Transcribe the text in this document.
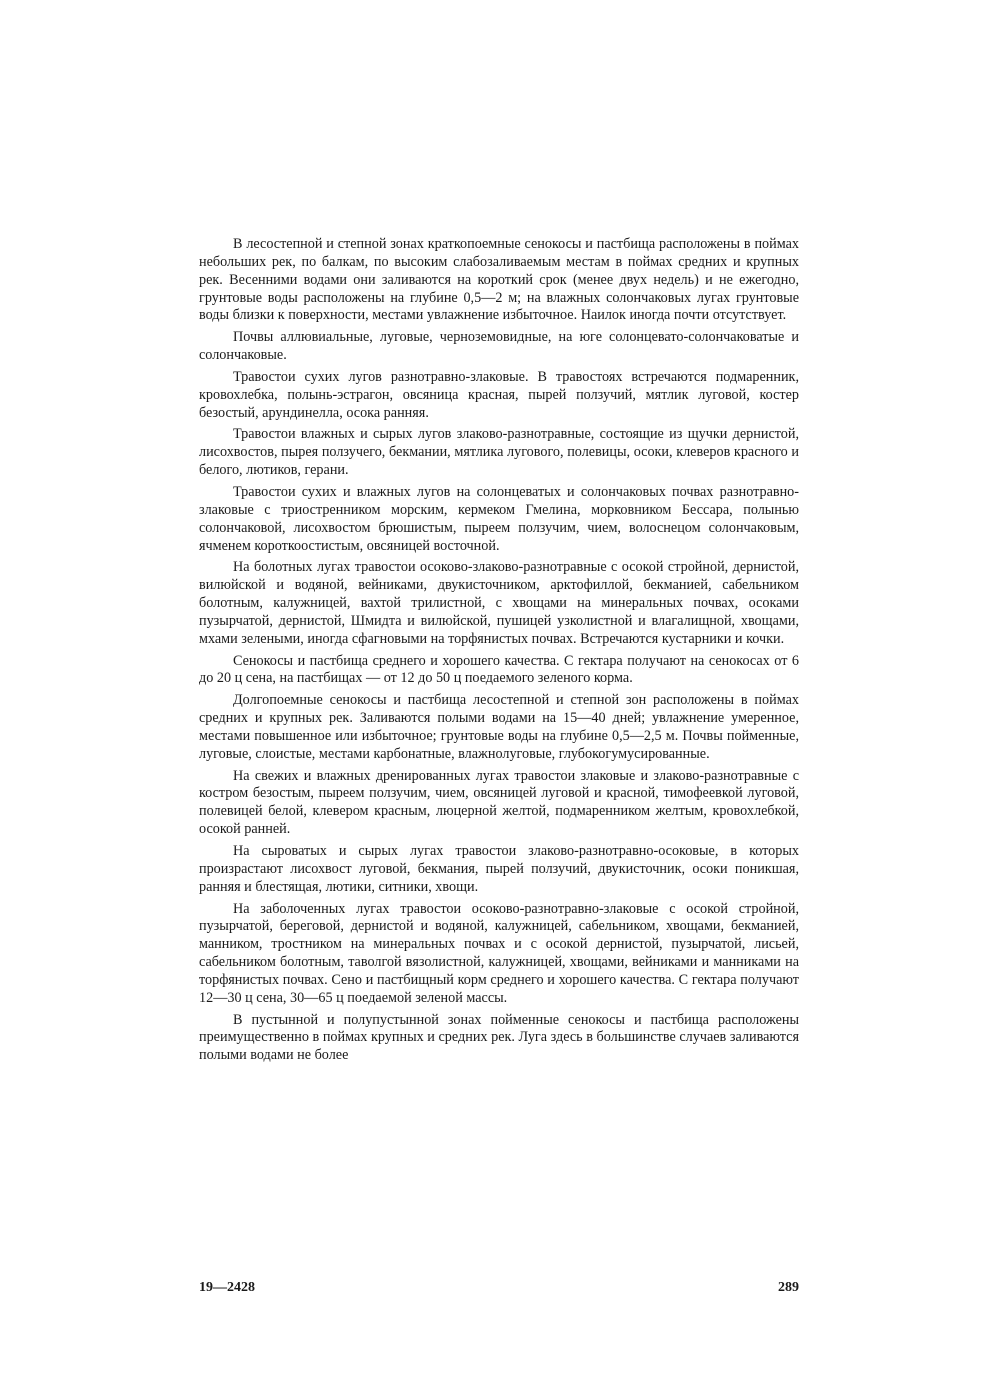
В лесостепной и степной зонах краткопоемные сенокосы и пастбища расположены в поймах небольших рек, по балкам, по высоким слабозаливаемым местам в поймах средних и крупных рек. Весенними водами они заливаются на короткий срок (менее двух недель) и не ежегодно, грунтовые воды расположены на глубине 0,5—2 м; на влажных солончаковых лугах грунтовые воды близки к поверхности, местами увлажнение избыточное. Наилок иногда почти отсутствует.

Почвы аллювиальные, луговые, черноземовидные, на юге солонцевато-солончаковатые и солончаковые.

Травостои сухих лугов разнотравно-злаковые. В травостоях встречаются подмаренник, кровохлебка, полынь-эстрагон, овсяница красная, пырей ползучий, мятлик луговой, костер безостый, арундинелла, осока ранняя.

Травостои влажных и сырых лугов злаково-разнотравные, состоящие из щучки дернистой, лисохвостов, пырея ползучего, бекмании, мятлика лугового, полевицы, осоки, клеверов красного и белого, лютиков, герани.

Травостои сухих и влажных лугов на солонцеватых и солончаковых почвах разнотравно-злаковые с триостренником морским, кермеком Гмелина, морковником Бессара, полынью солончаковой, лисохвостом брюшистым, пыреем ползучим, чием, волоснецом солончаковым, ячменем короткоостистым, овсяницей восточной.

На болотных лугах травостои осоково-злаково-разнотравные с осокой стройной, дернистой, вилюйской и водяной, вейниками, двукисточником, арктофиллой, бекманией, сабельником болотным, калужницей, вахтой трилистной, с хвощами на минеральных почвах, осоками пузырчатой, дернистой, Шмидта и вилюйской, пушицей узколистной и влагалищной, хвощами, мхами зелеными, иногда сфагновыми на торфянистых почвах. Встречаются кустарники и кочки.

Сенокосы и пастбища среднего и хорошего качества. С гектара получают на сенокосах от 6 до 20 ц сена, на пастбищах — от 12 до 50 ц поедаемого зеленого корма.

Долгопоемные сенокосы и пастбища лесостепной и степной зон расположены в поймах средних и крупных рек. Заливаются полыми водами на 15—40 дней; увлажнение умеренное, местами повышенное или избыточное; грунтовые воды на глубине 0,5—2,5 м. Почвы пойменные, луговые, слоистые, местами карбонатные, влажнолуговые, глубокогумусированные.

На свежих и влажных дренированных лугах травостои злаковые и злаково-разнотравные с костром безостым, пыреем ползучим, чием, овсяницей луговой и красной, тимофеевкой луговой, полевицей белой, клевером красным, люцерной желтой, подмаренником желтым, кровохлебкой, осокой ранней.

На сыроватых и сырых лугах травостои злаково-разнотравно-осоковые, в которых произрастают лисохвост луговой, бекмания, пырей ползучий, двукисточник, осоки поникшая, ранняя и блестящая, лютики, ситники, хвощи.

На заболоченных лугах травостои осоково-разнотравно-злаковые с осокой стройной, пузырчатой, береговой, дернистой и водяной, калужницей, сабельником, хвощами, бекманией, манником, тростником на минеральных почвах и с осокой дернистой, пузырчатой, лисьей, сабельником болотным, таволгой вязолистной, калужницей, хвощами, вейниками и манниками на торфянистых почвах. Сено и пастбищный корм среднего и хорошего качества. С гектара получают 12—30 ц сена, 30—65 ц поедаемой зеленой массы.

В пустынной и полупустынной зонах пойменные сенокосы и пастбища расположены преимущественно в поймах крупных и средних рек. Луга здесь в большинстве случаев заливаются полыми водами не более

19—2428	289
